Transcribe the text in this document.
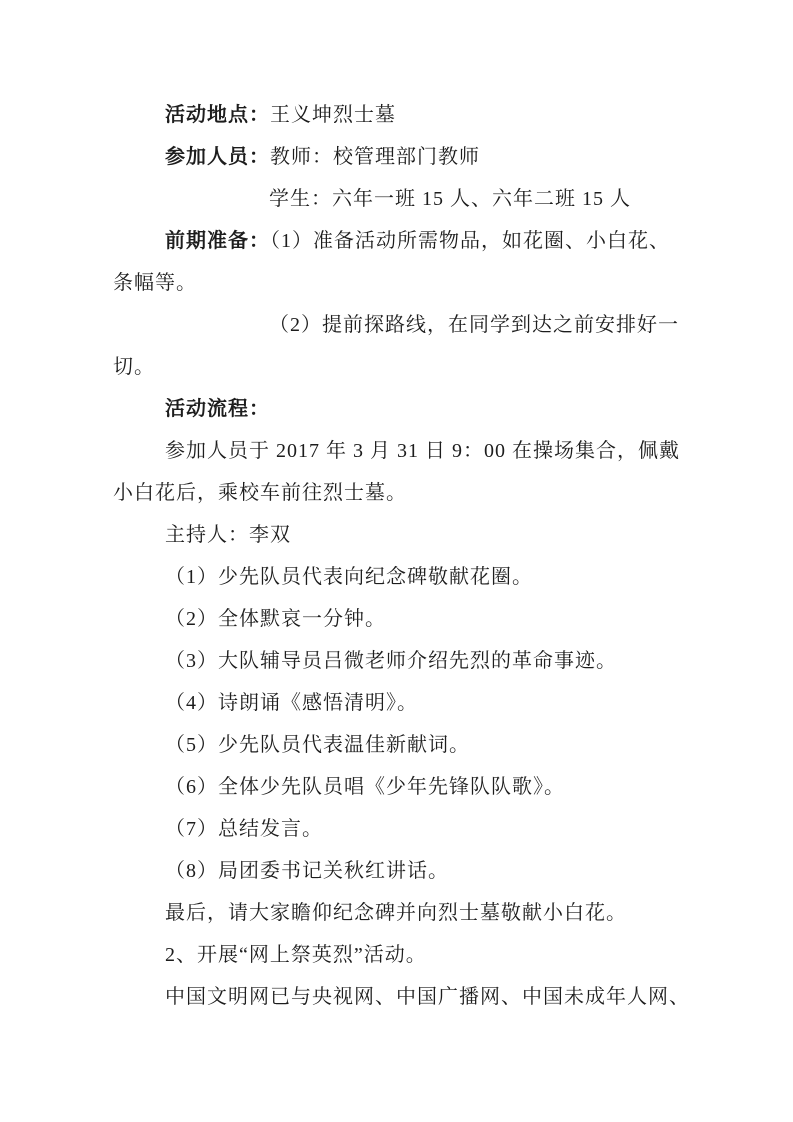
活动地点：王义坤烈士墓
参加人员：教师：校管理部门教师
学生：六年一班 15 人、六年二班 15 人
前期准备：（1）准备活动所需物品，如花圈、小白花、
条幅等。
（2）提前探路线，在同学到达之前安排好一
切。
活动流程：
参加人员于 2017 年 3 月 31 日 9：00 在操场集合，佩戴
小白花后，乘校车前往烈士墓。
主持人：李双
（1）少先队员代表向纪念碑敬献花圈。
（2）全体默哀一分钟。
（3）大队辅导员吕微老师介绍先烈的革命事迹。
（4）诗朗诵《感悟清明》。
（5）少先队员代表温佳新献词。
（6）全体少先队员唱《少年先锋队队歌》。
（7）总结发言。
（8）局团委书记关秋红讲话。
最后，请大家瞻仰纪念碑并向烈士墓敬献小白花。
2、开展“网上祭英烈”活动。
中国文明网已与央视网、中国广播网、中国未成年人网、
